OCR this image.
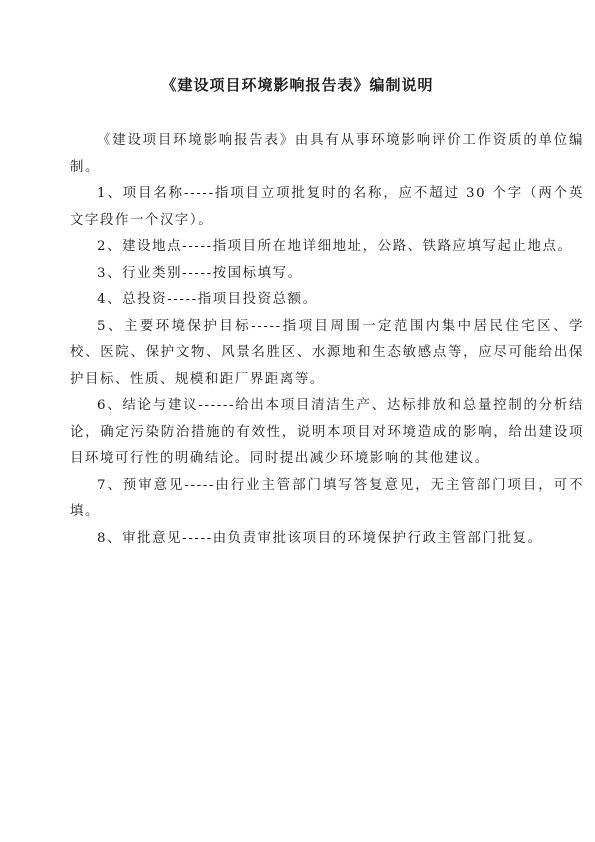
《建设项目环境影响报告表》编制说明

《建设项目环境影响报告表》由具有从事环境影响评价工作资质的单位编制。

1、项目名称-----指项目立项批复时的名称，应不超过 30 个字（两个英文字段作一个汉字）。

2、建设地点-----指项目所在地详细地址，公路、铁路应填写起止地点。

3、行业类别-----按国标填写。

4、总投资-----指项目投资总额。

5、主要环境保护目标-----指项目周围一定范围内集中居民住宅区、学校、医院、保护文物、风景名胜区、水源地和生态敏感点等，应尽可能给出保护目标、性质、规模和距厂界距离等。

6、结论与建议------给出本项目清洁生产、达标排放和总量控制的分析结论，确定污染防治措施的有效性，说明本项目对环境造成的影响，给出建设项目环境可行性的明确结论。同时提出减少环境影响的其他建议。

7、预审意见-----由行业主管部门填写答复意见，无主管部门项目，可不填。

8、审批意见-----由负责审批该项目的环境保护行政主管部门批复。
